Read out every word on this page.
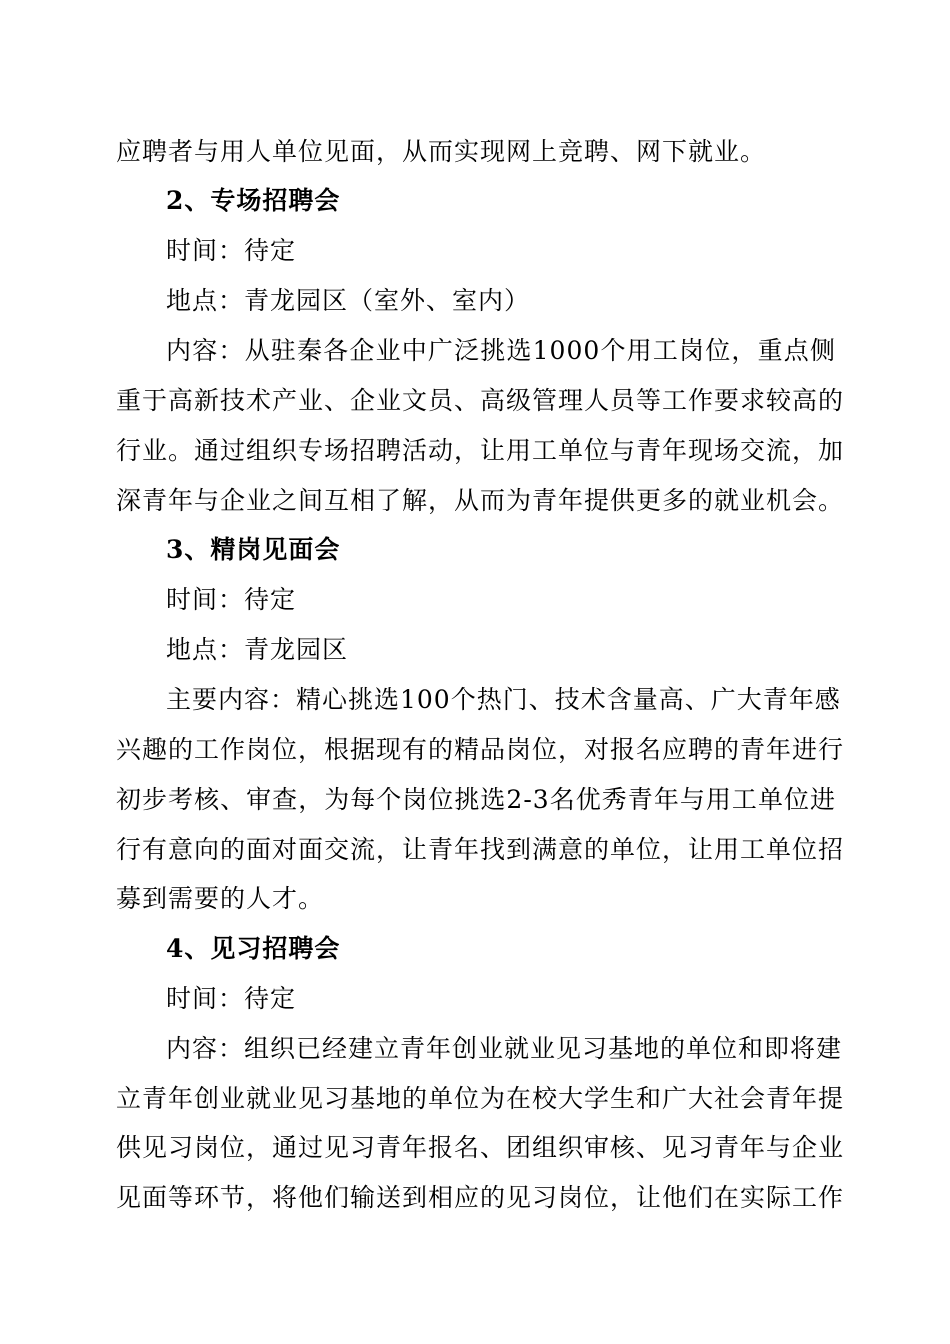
应聘者与用人单位见面，从而实现网上竞聘、网下就业。
2、专场招聘会
时间：待定
地点：青龙园区（室外、室内）
内容：从驻秦各企业中广泛挑选1000个用工岗位，重点侧
重于高新技术产业、企业文员、高级管理人员等工作要求较高的
行业。通过组织专场招聘活动，让用工单位与青年现场交流，加
深青年与企业之间互相了解，从而为青年提供更多的就业机会。
3、精岗见面会
时间：待定
地点：青龙园区
主要内容：精心挑选100个热门、技术含量高、广大青年感
兴趣的工作岗位，根据现有的精品岗位，对报名应聘的青年进行
初步考核、审查，为每个岗位挑选2-3名优秀青年与用工单位进
行有意向的面对面交流，让青年找到满意的单位，让用工单位招
募到需要的人才。
4、见习招聘会
时间：待定
内容：组织已经建立青年创业就业见习基地的单位和即将建
立青年创业就业见习基地的单位为在校大学生和广大社会青年提
供见习岗位，通过见习青年报名、团组织审核、见习青年与企业
见面等环节，将他们输送到相应的见习岗位，让他们在实际工作
